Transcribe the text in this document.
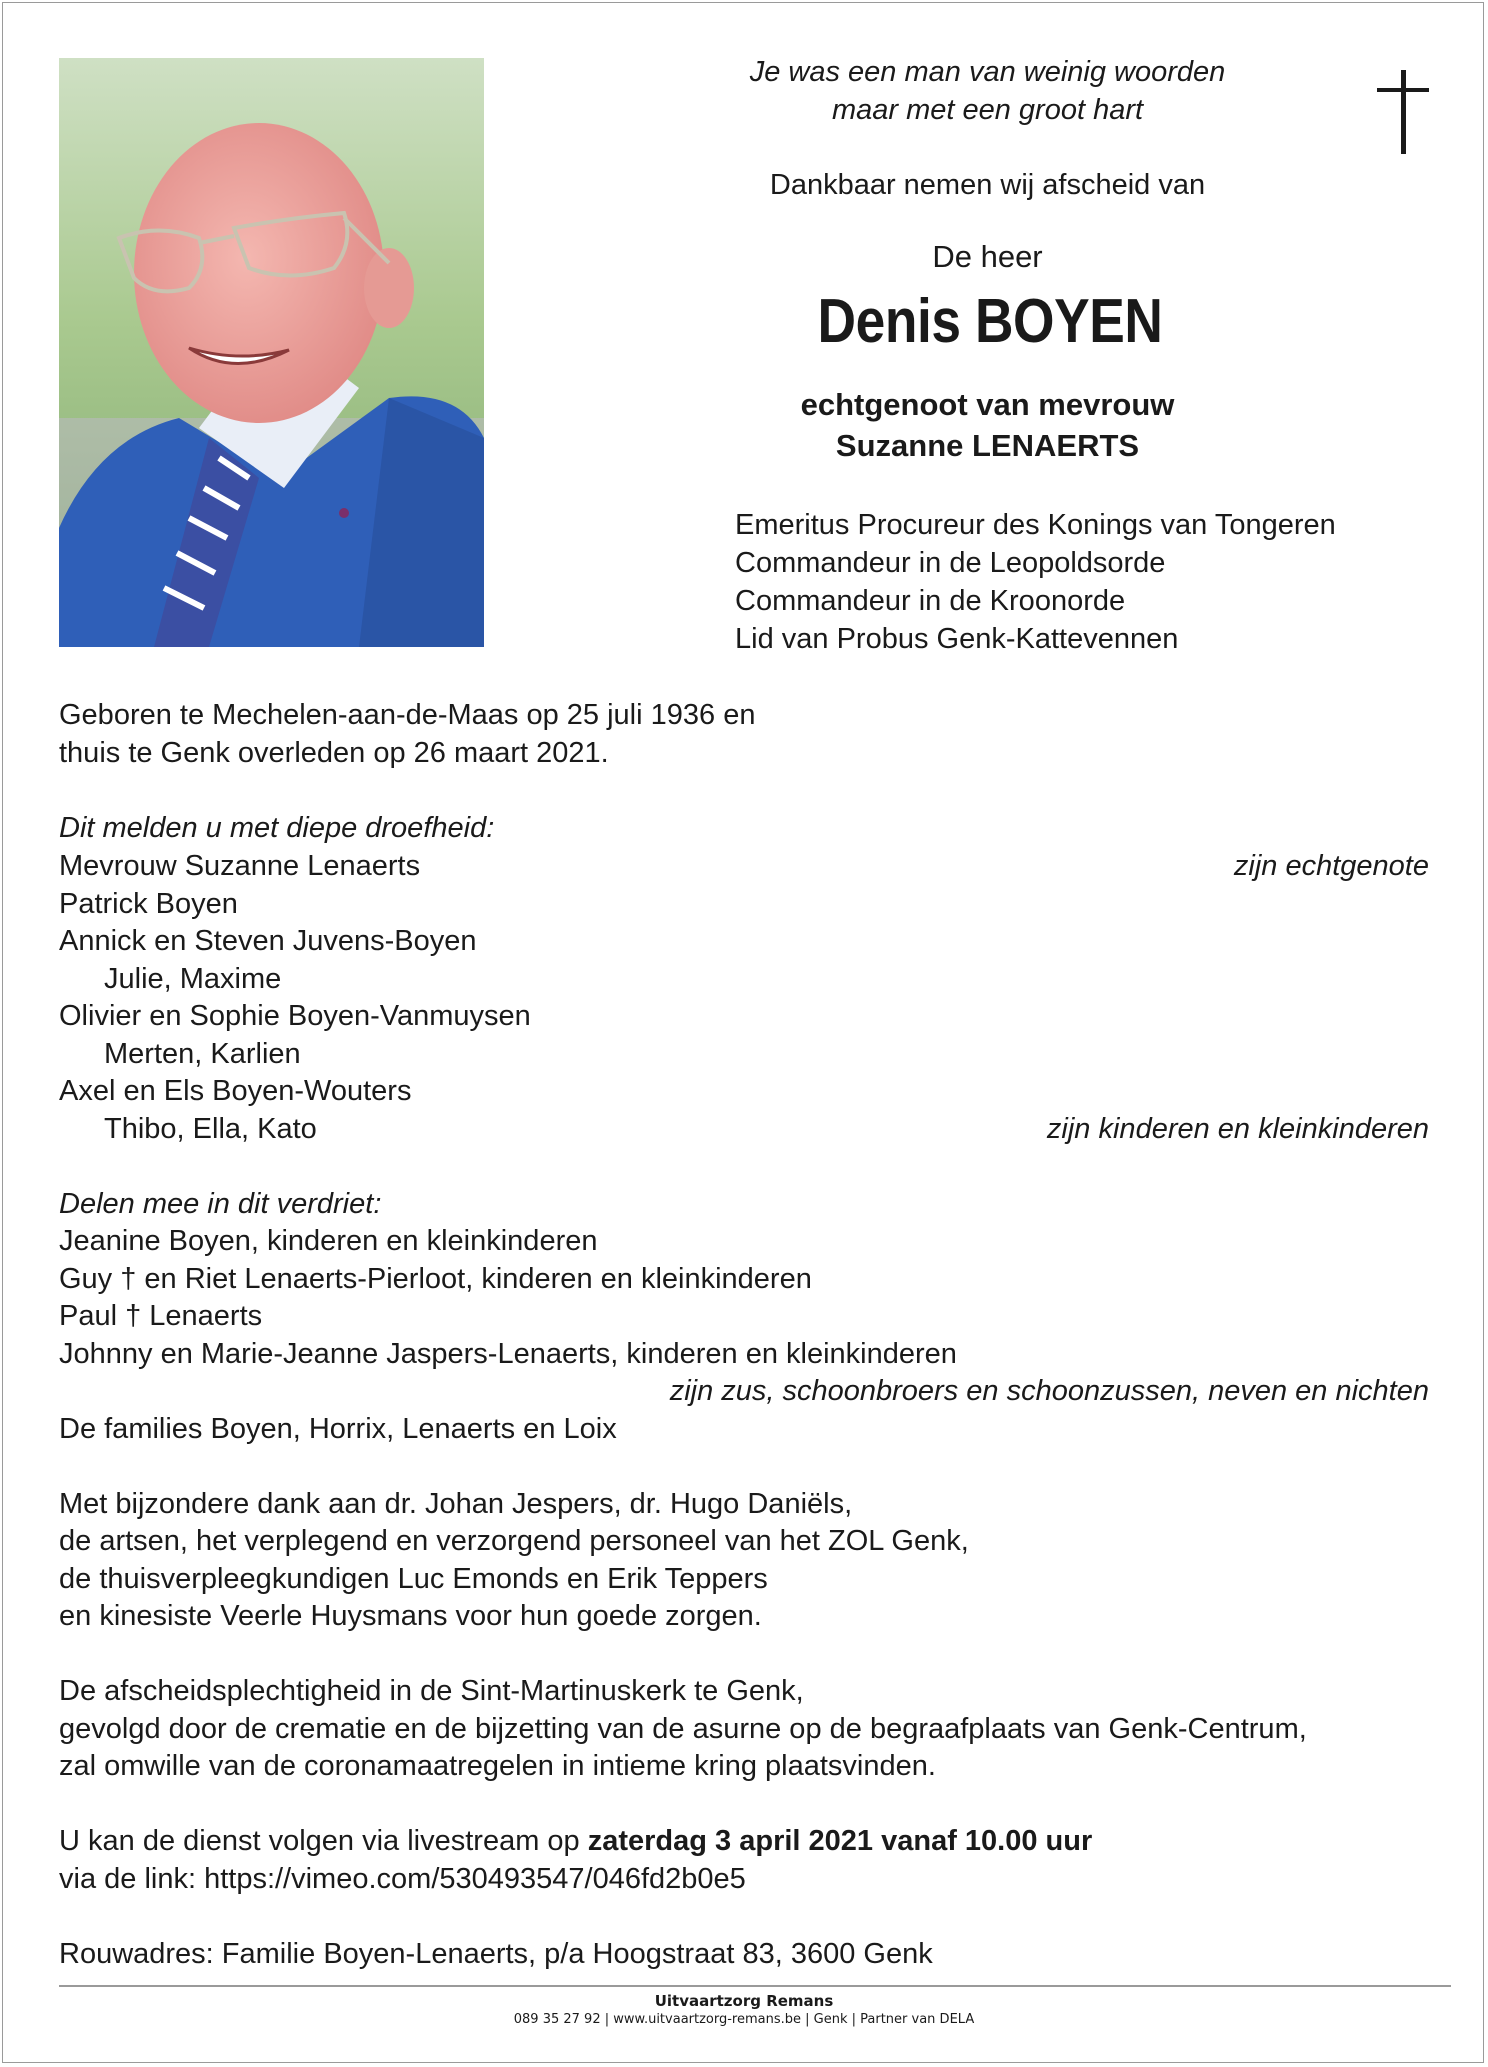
Je was een man van weinig woorden
maar met een groot hart
Dankbaar nemen wij afscheid van
De heer
Denis BOYEN
echtgenoot van mevrouw
Suzanne LENAERTS
Emeritus Procureur des Konings van Tongeren
Commandeur in de Leopoldsorde
Commandeur in de Kroonorde
Lid van Probus Genk-Kattevennen
Geboren te Mechelen-aan-de-Maas op 25 juli 1936 en
thuis te Genk overleden op 26 maart 2021.
Dit melden u met diepe droefheid:
Mevrouw Suzanne Lenaerts	zijn echtgenote
Patrick Boyen
Annick en Steven Juvens-Boyen
Julie, Maxime
Olivier en Sophie Boyen-Vanmuysen
Merten, Karlien
Axel en Els Boyen-Wouters
Thibo, Ella, Kato	zijn kinderen en kleinkinderen
Delen mee in dit verdriet:
Jeanine Boyen, kinderen en kleinkinderen
Guy † en Riet Lenaerts-Pierloot, kinderen en kleinkinderen
Paul † Lenaerts
Johnny en Marie-Jeanne Jaspers-Lenaerts, kinderen en kleinkinderen
zijn zus, schoonbroers en schoonzussen, neven en nichten
De families Boyen, Horrix, Lenaerts en Loix
Met bijzondere dank aan dr. Johan Jespers, dr. Hugo Daniëls,
de artsen, het verplegend en verzorgend personeel van het ZOL Genk,
de thuisverpleegkundigen Luc Emonds en Erik Teppers
en kinesiste Veerle Huysmans voor hun goede zorgen.
De afscheidsplechtigheid in de Sint-Martinuskerk te Genk,
gevolgd door de crematie en de bijzetting van de asurne op de begraafplaats van Genk-Centrum,
zal omwille van de coronamaatregelen in intieme kring plaatsvinden.
U kan de dienst volgen via livestream op zaterdag 3 april 2021 vanaf 10.00 uur
via de link: https://vimeo.com/530493547/046fd2b0e5
Rouwadres: Familie Boyen-Lenaerts, p/a Hoogstraat 83, 3600 Genk
Uitvaartzorg Remans
089 35 27 92 | www.uitvaartzorg-remans.be | Genk | Partner van DELA
